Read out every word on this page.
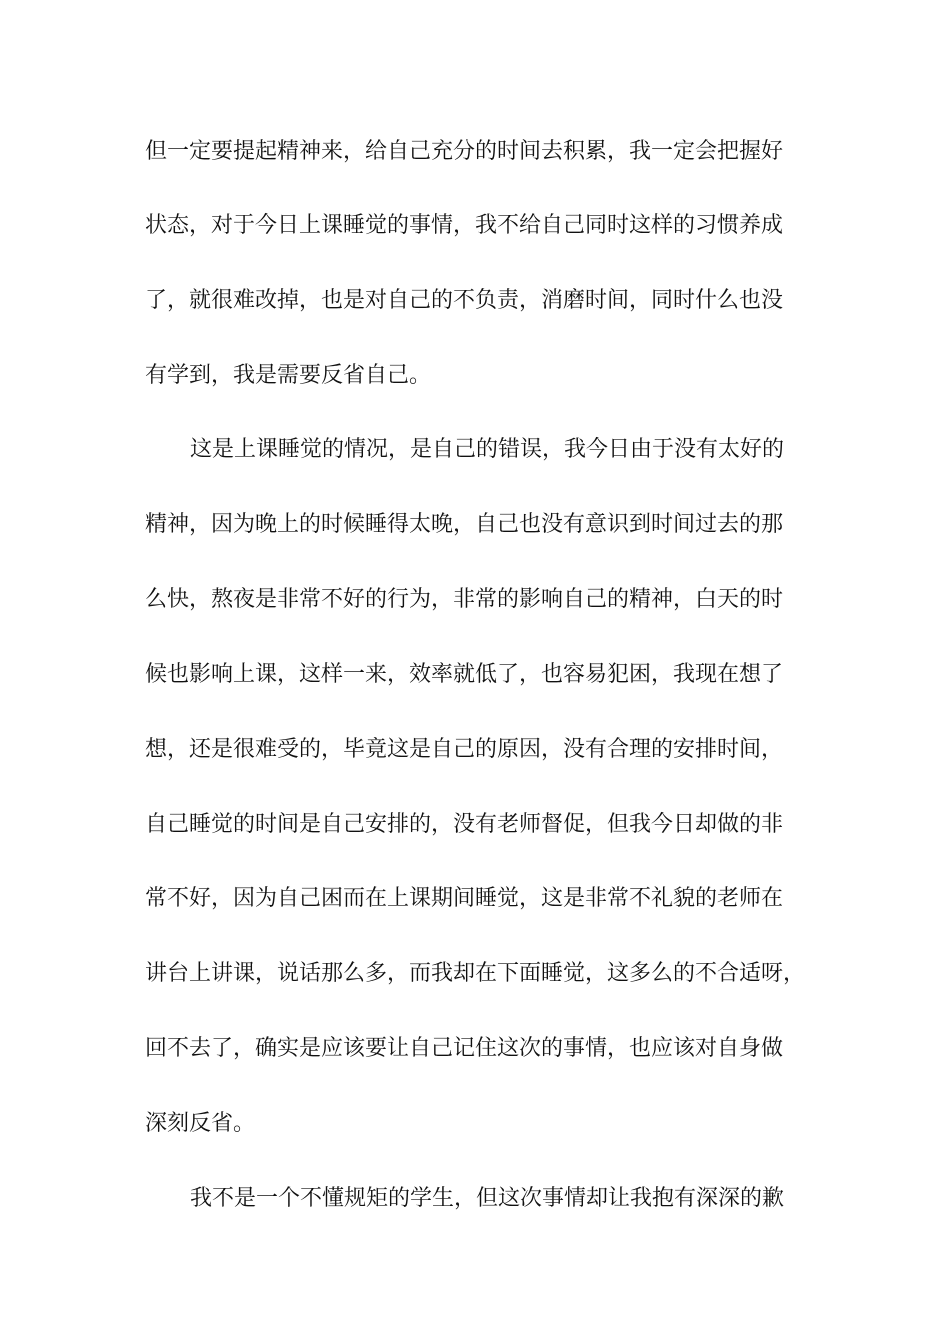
但一定要提起精神来，给自己充分的时间去积累，我一定会把握好
状态，对于今日上课睡觉的事情，我不给自己同时这样的习惯养成
了，就很难改掉，也是对自己的不负责，消磨时间，同时什么也没
有学到，我是需要反省自己。
这是上课睡觉的情况，是自己的错误，我今日由于没有太好的
精神，因为晚上的时候睡得太晚，自己也没有意识到时间过去的那
么快，熬夜是非常不好的行为，非常的影响自己的精神，白天的时
候也影响上课，这样一来，效率就低了，也容易犯困，我现在想了
想，还是很难受的，毕竟这是自己的原因，没有合理的安排时间，
自己睡觉的时间是自己安排的，没有老师督促，但我今日却做的非
常不好，因为自己困而在上课期间睡觉，这是非常不礼貌的老师在
讲台上讲课，说话那么多，而我却在下面睡觉，这多么的不合适呀，
回不去了，确实是应该要让自己记住这次的事情，也应该对自身做
深刻反省。
我不是一个不懂规矩的学生，但这次事情却让我抱有深深的歉
